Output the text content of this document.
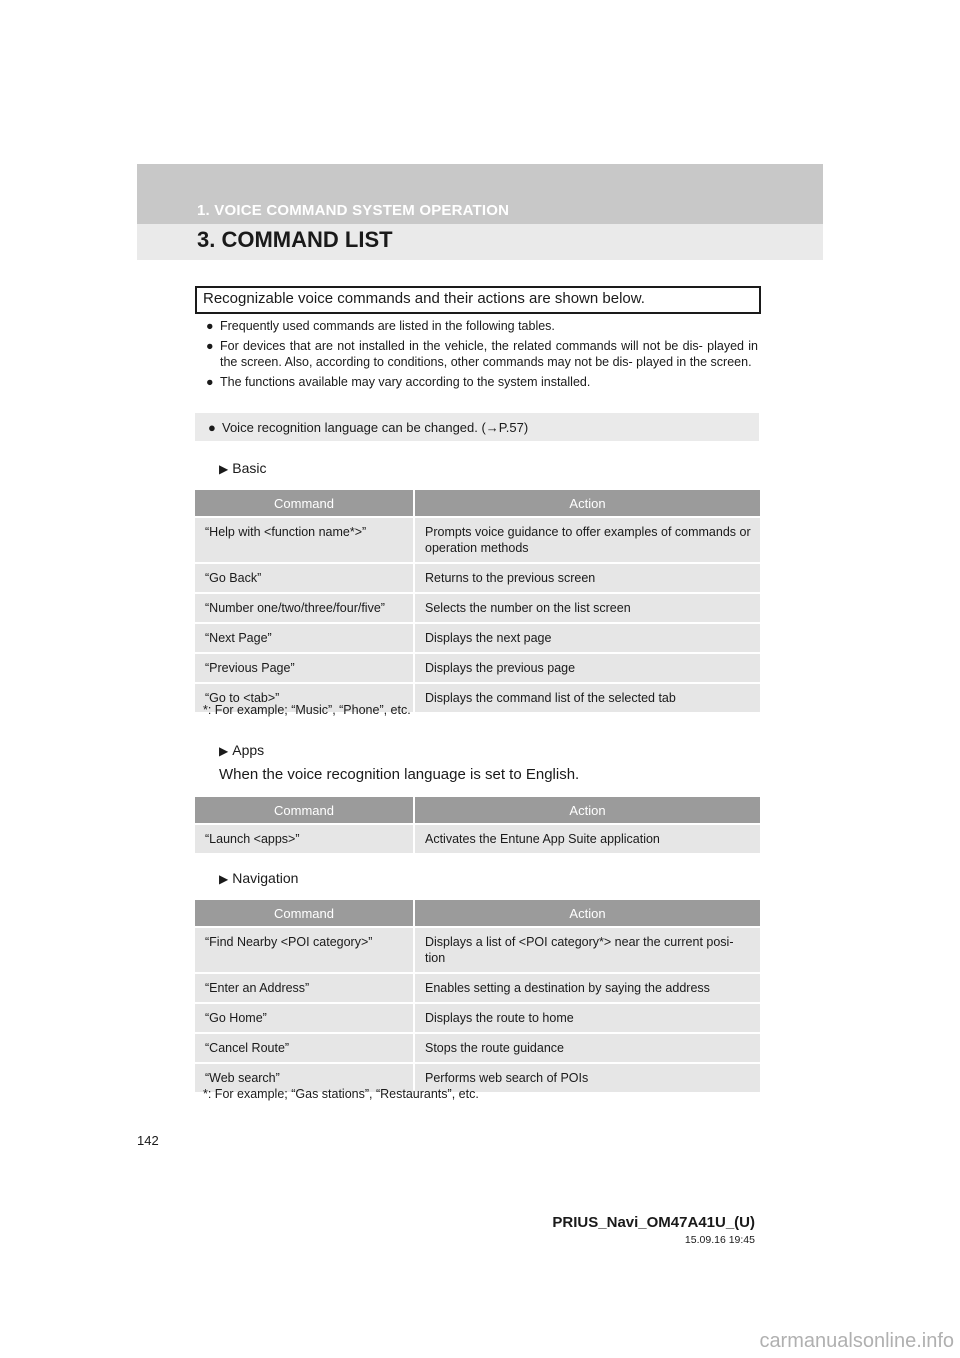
1. VOICE COMMAND SYSTEM OPERATION
3. COMMAND LIST
Recognizable voice commands and their actions are shown below.
● Frequently used commands are listed in the following tables.
● For devices that are not installed in the vehicle, the related commands will not be dis- played in the screen. Also, according to conditions, other commands may not be dis- played in the screen.
● The functions available may vary according to the system installed.
● Voice recognition language can be changed. (→P.57)
▶ Basic
Command	Action
“Help with <function name*>”	Prompts voice guidance to offer examples of commands or operation methods
“Go Back”	Returns to the previous screen
“Number one/two/three/four/five”	Selects the number on the list screen
“Next Page”	Displays the next page
“Previous Page”	Displays the previous page
“Go to <tab>”	Displays the command list of the selected tab
*: For example; “Music”, “Phone”, etc.
▶ Apps
When the voice recognition language is set to English.
Command	Action
“Launch <apps>”	Activates the Entune App Suite application
▶ Navigation
Command	Action
“Find Nearby <POI category>”	Displays a list of <POI category*> near the current posi- tion
“Enter an Address”	Enables setting a destination by saying the address
“Go Home”	Displays the route to home
“Cancel Route”	Stops the route guidance
“Web search”	Performs web search of POIs
*: For example; “Gas stations”, “Restaurants”, etc.
142
PRIUS_Navi_OM47A41U_(U)
15.09.16 19:45
carmanualsonline.info
